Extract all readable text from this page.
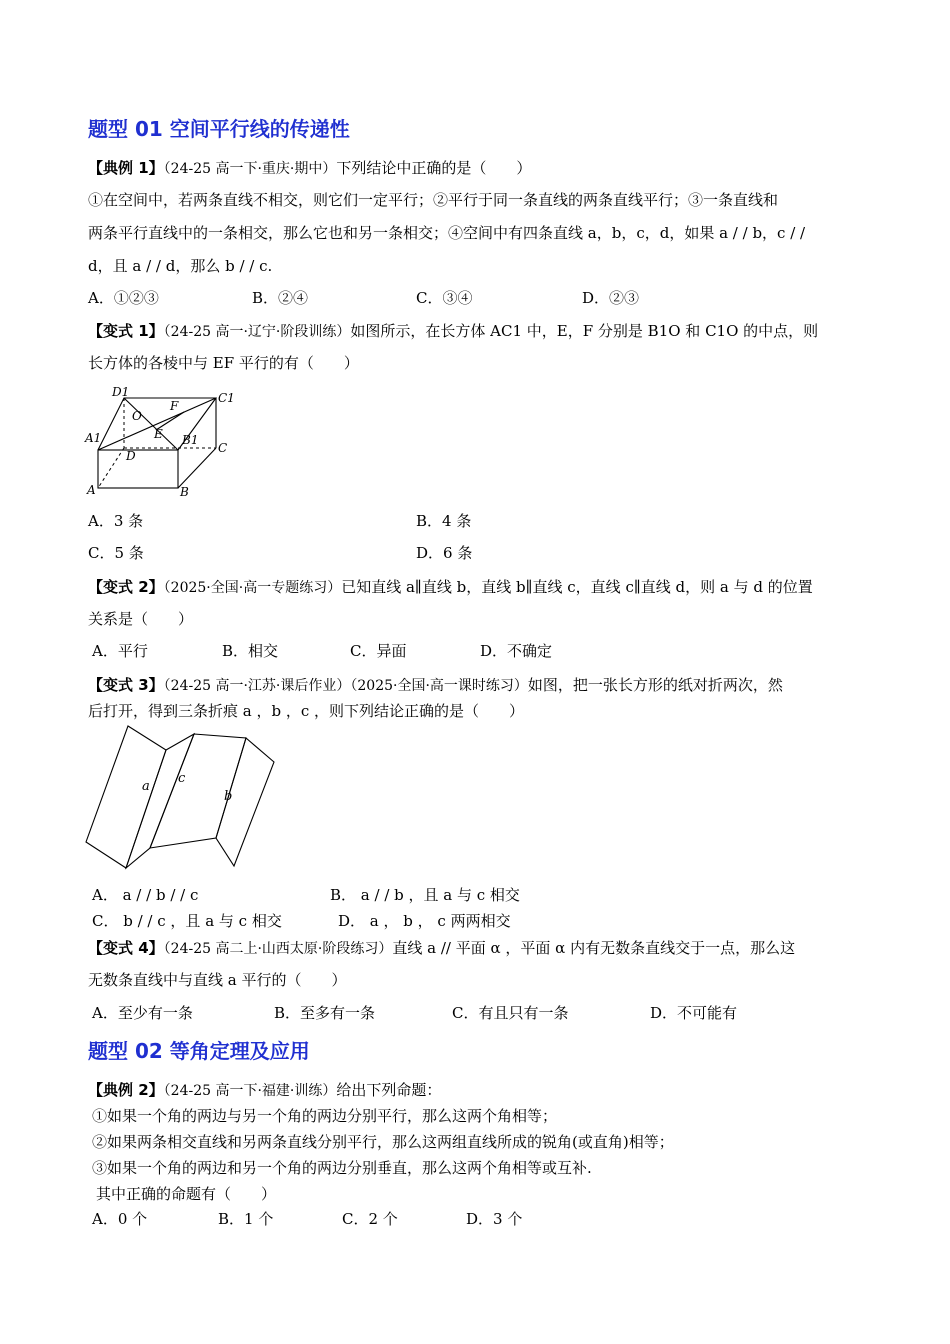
题型 01 空间平行线的传递性
【典例 1】（24-25 高一下·重庆·期中）下列结论中正确的是（　　）
①在空间中，若两条直线不相交，则它们一定平行；②平行于同一条直线的两条直线平行；③一条直线和
两条平行直线中的一条相交，那么它也和另一条相交；④空间中有四条直线 a，b，c，d，如果 a / / b，c / /
d，且 a / / d，那么 b / / c.
A．①②③	B．②④	C．③④	D．②③
【变式 1】（24-25 高一·辽宁·阶段训练）如图所示，在长方体 AC1 中，E，F 分别是 B1O 和 C1O 的中点，则
长方体的各棱中与 EF 平行的有（　　）
D1	C1
O
F
E
A1	B1
C
D
A	B
A．3 条	B．4 条
C．5 条	D．6 条
【变式 2】（2025·全国·高一专题练习）已知直线 a∥直线 b，直线 b∥直线 c，直线 c∥直线 d，则 a 与 d 的位置
关系是（　　）
A．平行	B．相交	C．异面	D．不确定
【变式 3】（24-25 高一·江苏·课后作业）（2025·全国·高一课时练习）如图，把一张长方形的纸对折两次，然
后打开，得到三条折痕 a ，b ，c ，则下列结论正确的是（　　）
a
c
b
A． a / / b / / c	B． a / / b ，且 a 与 c 相交
C． b / / c ，且 a 与 c 相交	D． a ， b ， c 两两相交
【变式 4】（24-25 高二上·山西太原·阶段练习）直线 a // 平面 α ，平面 α 内有无数条直线交于一点，那么这
无数条直线中与直线 a 平行的（　　）
A．至少有一条	B．至多有一条	C．有且只有一条	D．不可能有
题型 02 等角定理及应用
【典例 2】（24-25 高一下·福建·训练）给出下列命题：
①如果一个角的两边与另一个角的两边分别平行，那么这两个角相等；
②如果两条相交直线和另两条直线分别平行，那么这两组直线所成的锐角(或直角)相等；
③如果一个角的两边和另一个角的两边分别垂直，那么这两个角相等或互补.
其中正确的命题有（　　）
A．0 个	B．1 个	C．2 个	D．3 个
